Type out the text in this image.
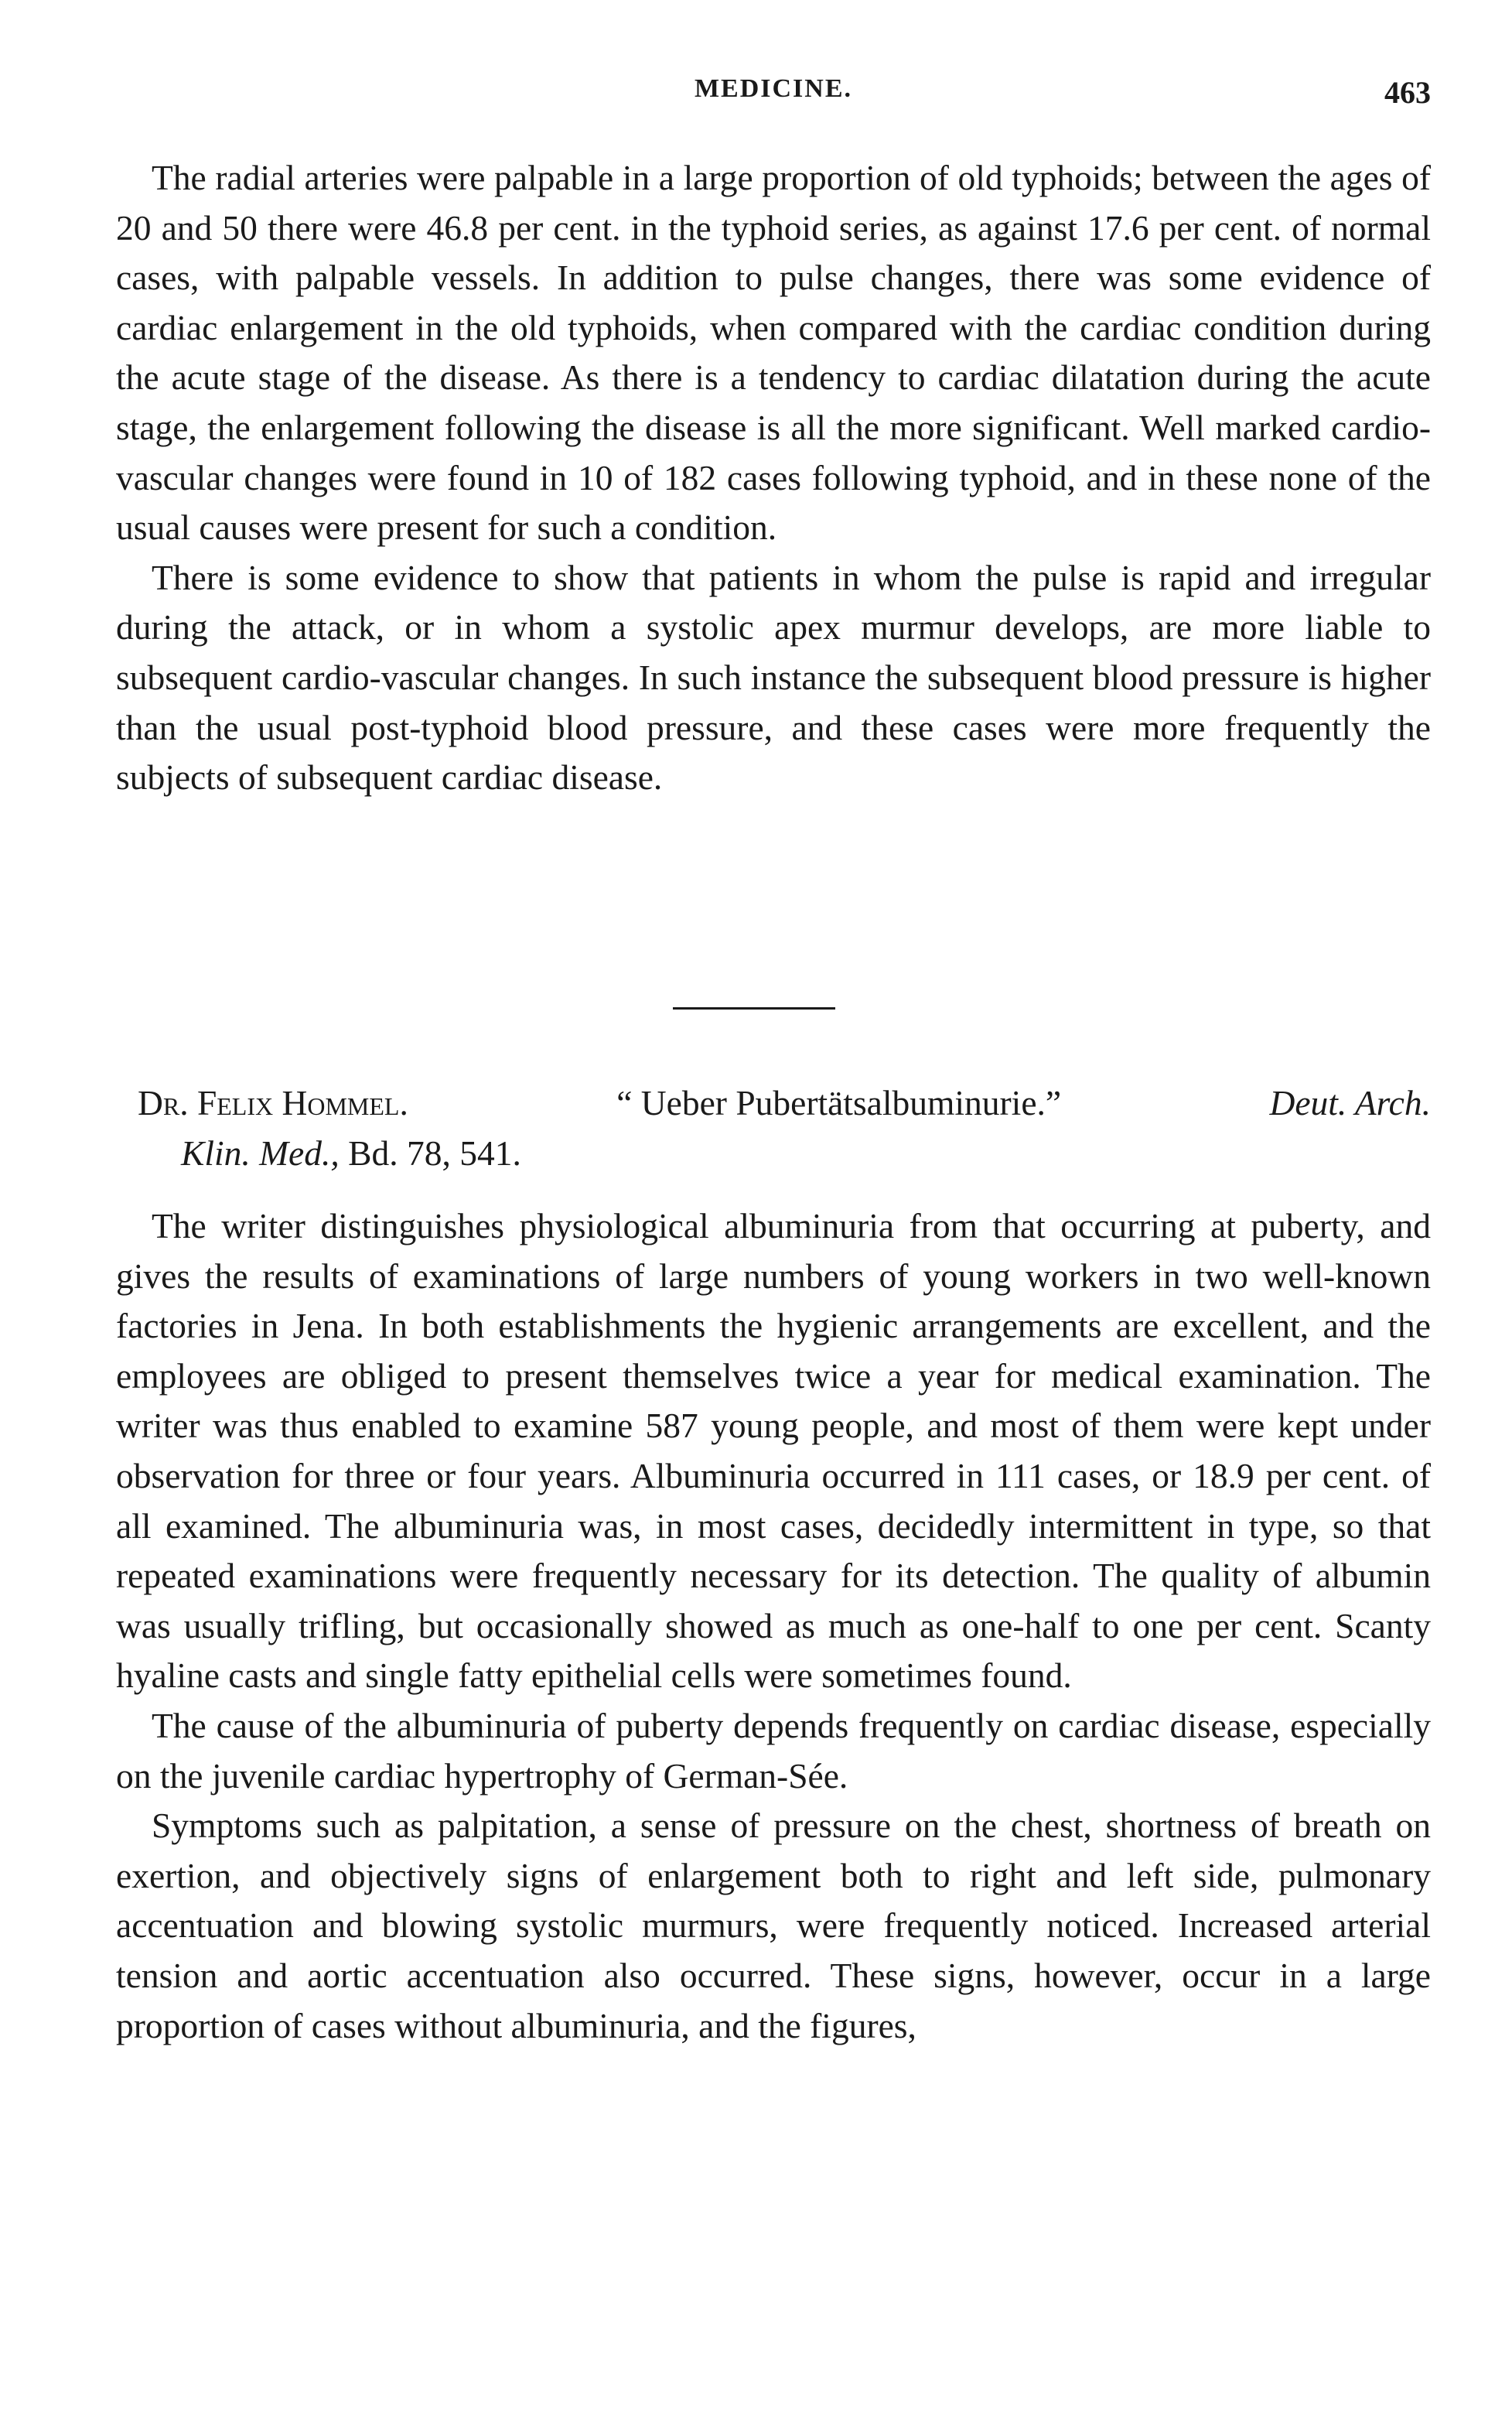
MEDICINE.	463

The radial arteries were palpable in a large proportion of old typhoids; between the ages of 20 and 50 there were 46.8 per cent. in the typhoid series, as against 17.6 per cent. of normal cases, with palpable vessels. In addition to pulse changes, there was some evidence of cardiac enlargement in the old typhoids, when compared with the cardiac condition during the acute stage of the disease. As there is a tendency to cardiac dilatation during the acute stage, the enlargement following the disease is all the more significant. Well marked cardio-vascular changes were found in 10 of 182 cases following typhoid, and in these none of the usual causes were present for such a condition.

There is some evidence to show that patients in whom the pulse is rapid and irregular during the attack, or in whom a systolic apex murmur develops, are more liable to subsequent cardio-vascular changes. In such instance the subsequent blood pressure is higher than the usual post-typhoid blood pressure, and these cases were more frequently the subjects of subsequent cardiac disease.

Dr. Felix Hommel.	“ Ueber Pubertätsalbuminurie.”	Deut. Arch.
Klin. Med., Bd. 78, 541.

The writer distinguishes physiological albuminuria from that occurring at puberty, and gives the results of examinations of large numbers of young workers in two well-known factories in Jena. In both establishments the hygienic arrangements are excellent, and the employees are obliged to present themselves twice a year for medical examination. The writer was thus enabled to examine 587 young people, and most of them were kept under observation for three or four years. Albuminuria occurred in 111 cases, or 18.9 per cent. of all examined. The albuminuria was, in most cases, decidedly intermittent in type, so that repeated examinations were frequently necessary for its detection. The quality of albumin was usually trifling, but occasionally showed as much as one-half to one per cent. Scanty hyaline casts and single fatty epithelial cells were sometimes found.

The cause of the albuminuria of puberty depends frequently on cardiac disease, especially on the juvenile cardiac hypertrophy of German-Sée.

Symptoms such as palpitation, a sense of pressure on the chest, shortness of breath on exertion, and objectively signs of enlargement both to right and left side, pulmonary accentuation and blowing systolic murmurs, were frequently noticed. Increased arterial tension and aortic accentuation also occurred. These signs, however, occur in a large proportion of cases without albuminuria, and the figures,
